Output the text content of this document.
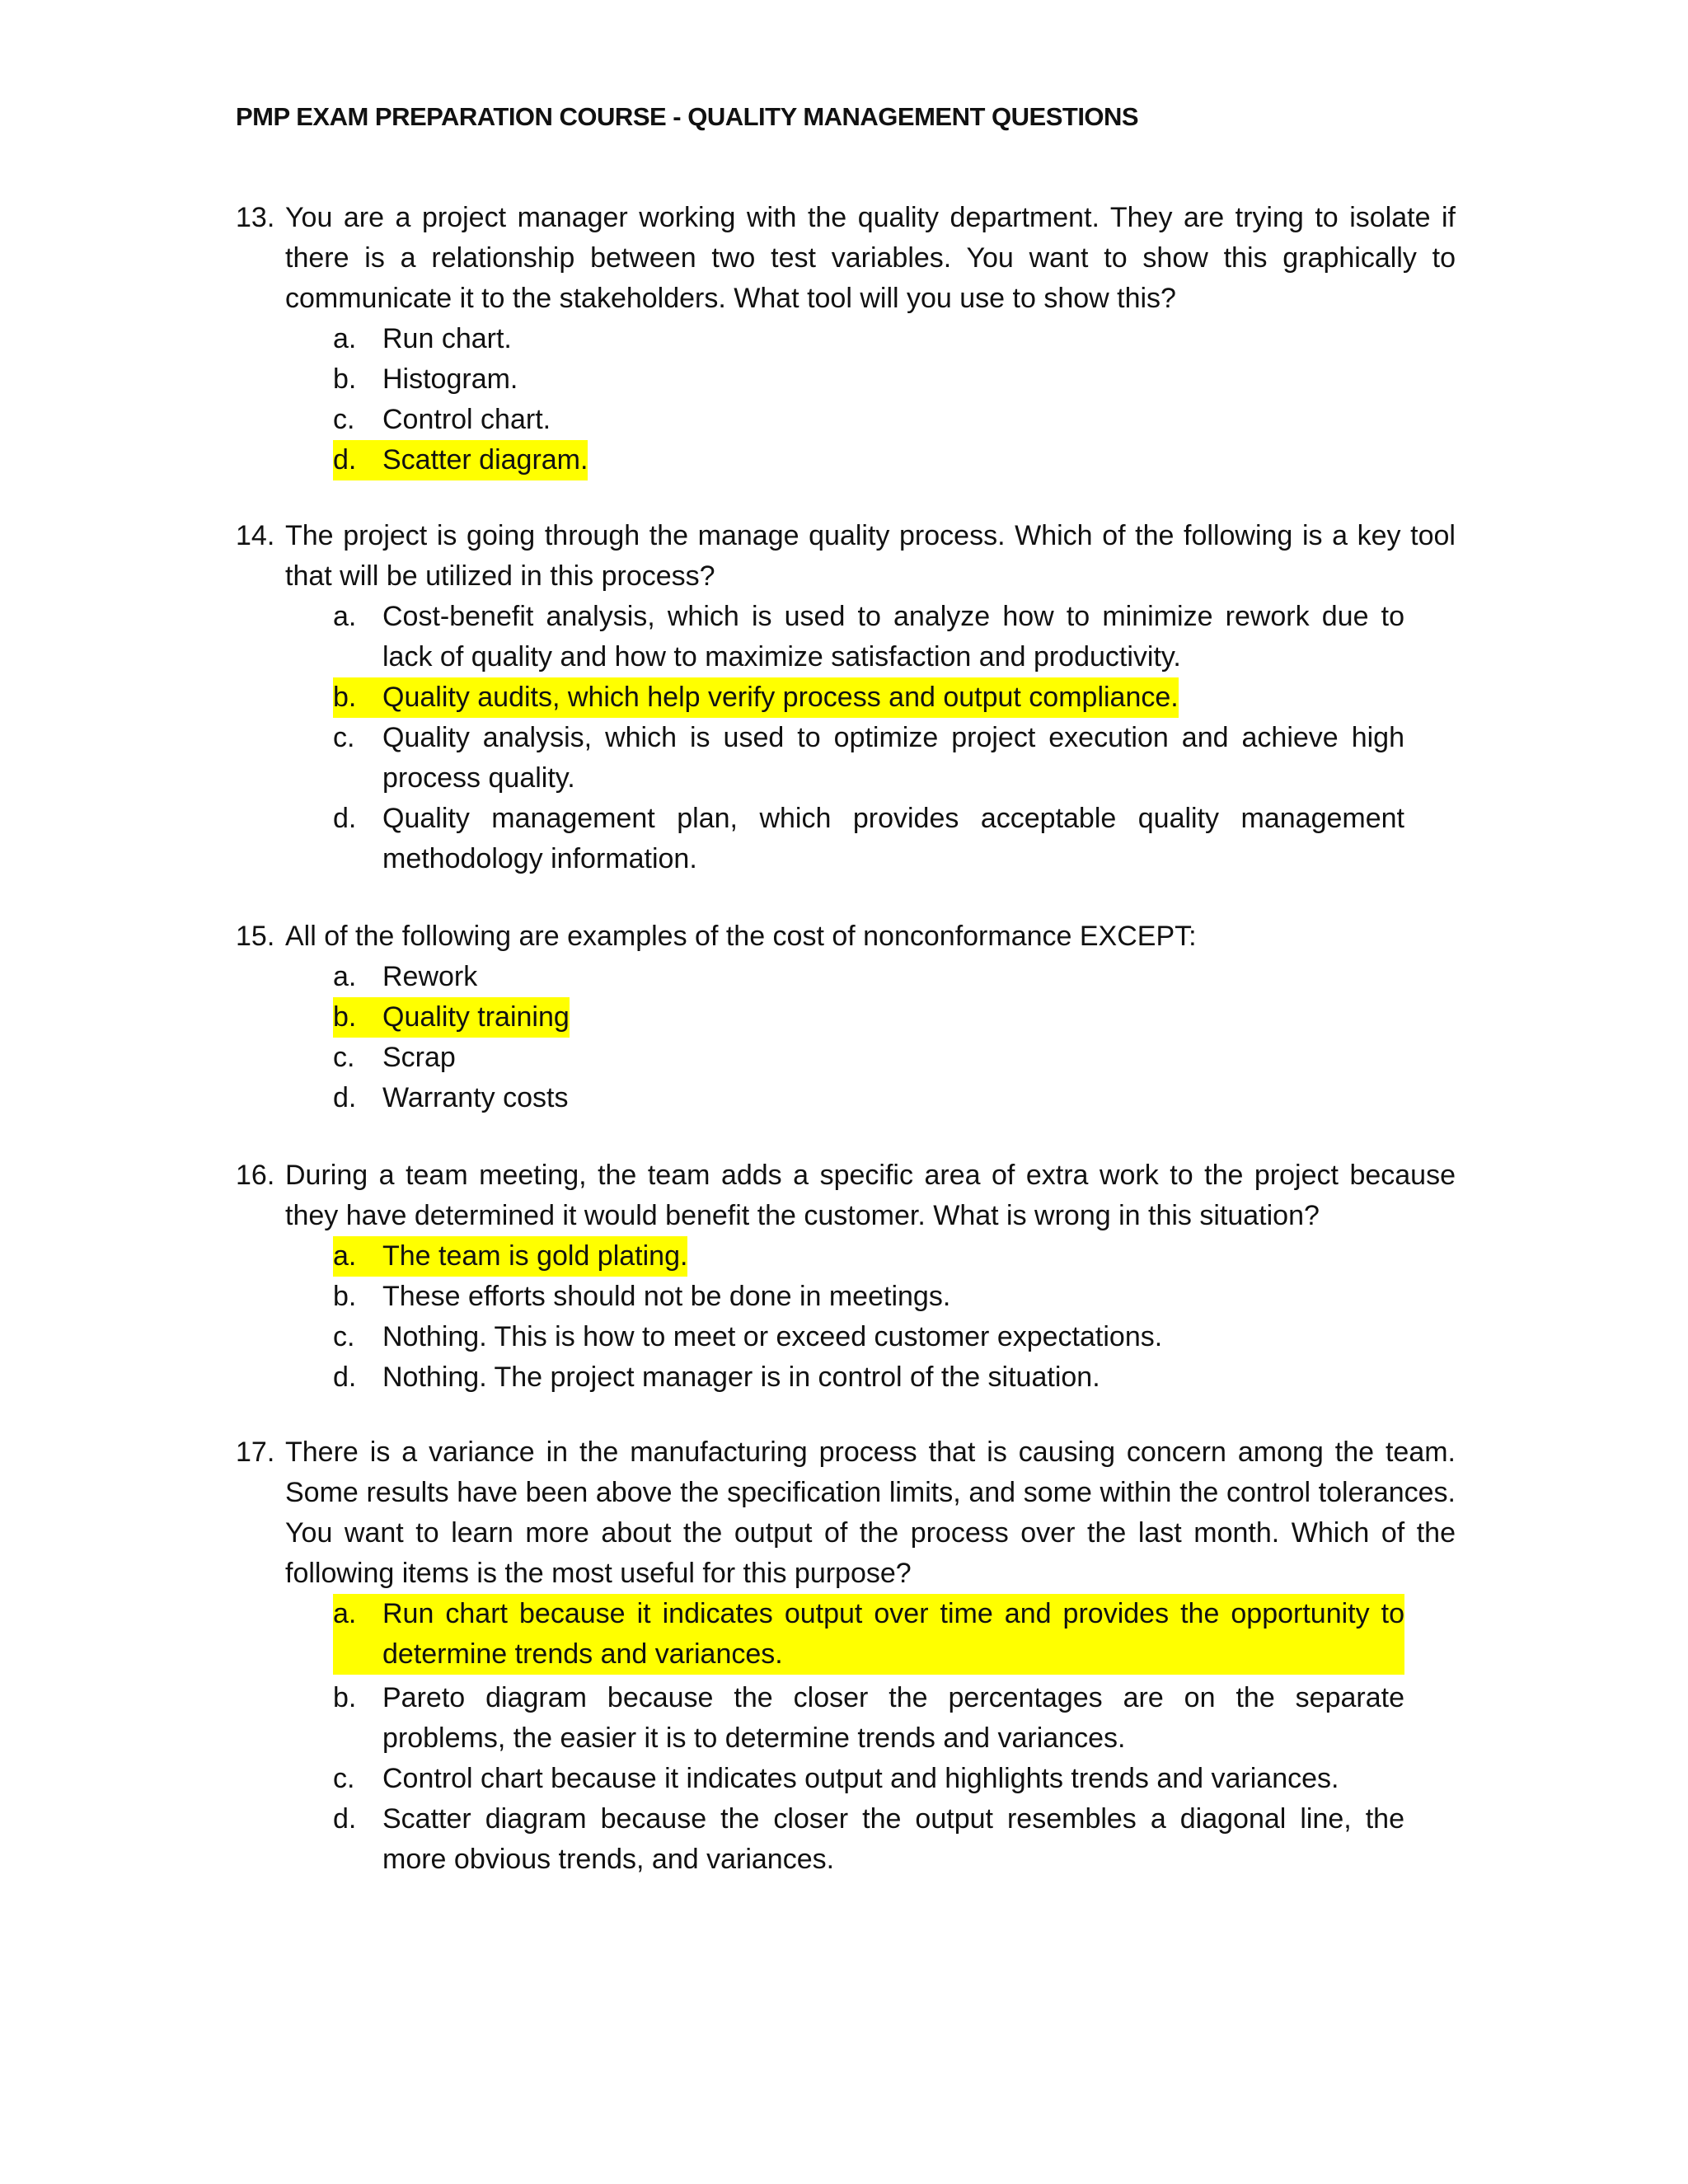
PMP EXAM PREPARATION COURSE - QUALITY MANAGEMENT QUESTIONS
13. You are a project manager working with the quality department. They are trying to isolate if there is a relationship between two test variables. You want to show this graphically to communicate it to the stakeholders. What tool will you use to show this?
a. Run chart.
b. Histogram.
c. Control chart.
d. Scatter diagram.
14. The project is going through the manage quality process. Which of the following is a key tool that will be utilized in this process?
a. Cost-benefit analysis, which is used to analyze how to minimize rework due to lack of quality and how to maximize satisfaction and productivity.
b. Quality audits, which help verify process and output compliance.
c. Quality analysis, which is used to optimize project execution and achieve high process quality.
d. Quality management plan, which provides acceptable quality management methodology information.
15. All of the following are examples of the cost of nonconformance EXCEPT:
a. Rework
b. Quality training
c. Scrap
d. Warranty costs
16. During a team meeting, the team adds a specific area of extra work to the project because they have determined it would benefit the customer. What is wrong in this situation?
a. The team is gold plating.
b. These efforts should not be done in meetings.
c. Nothing. This is how to meet or exceed customer expectations.
d. Nothing. The project manager is in control of the situation.
17. There is a variance in the manufacturing process that is causing concern among the team. Some results have been above the specification limits, and some within the control tolerances. You want to learn more about the output of the process over the last month. Which of the following items is the most useful for this purpose?
a. Run chart because it indicates output over time and provides the opportunity to determine trends and variances.
b. Pareto diagram because the closer the percentages are on the separate problems, the easier it is to determine trends and variances.
c. Control chart because it indicates output and highlights trends and variances.
d. Scatter diagram because the closer the output resembles a diagonal line, the more obvious trends, and variances.
